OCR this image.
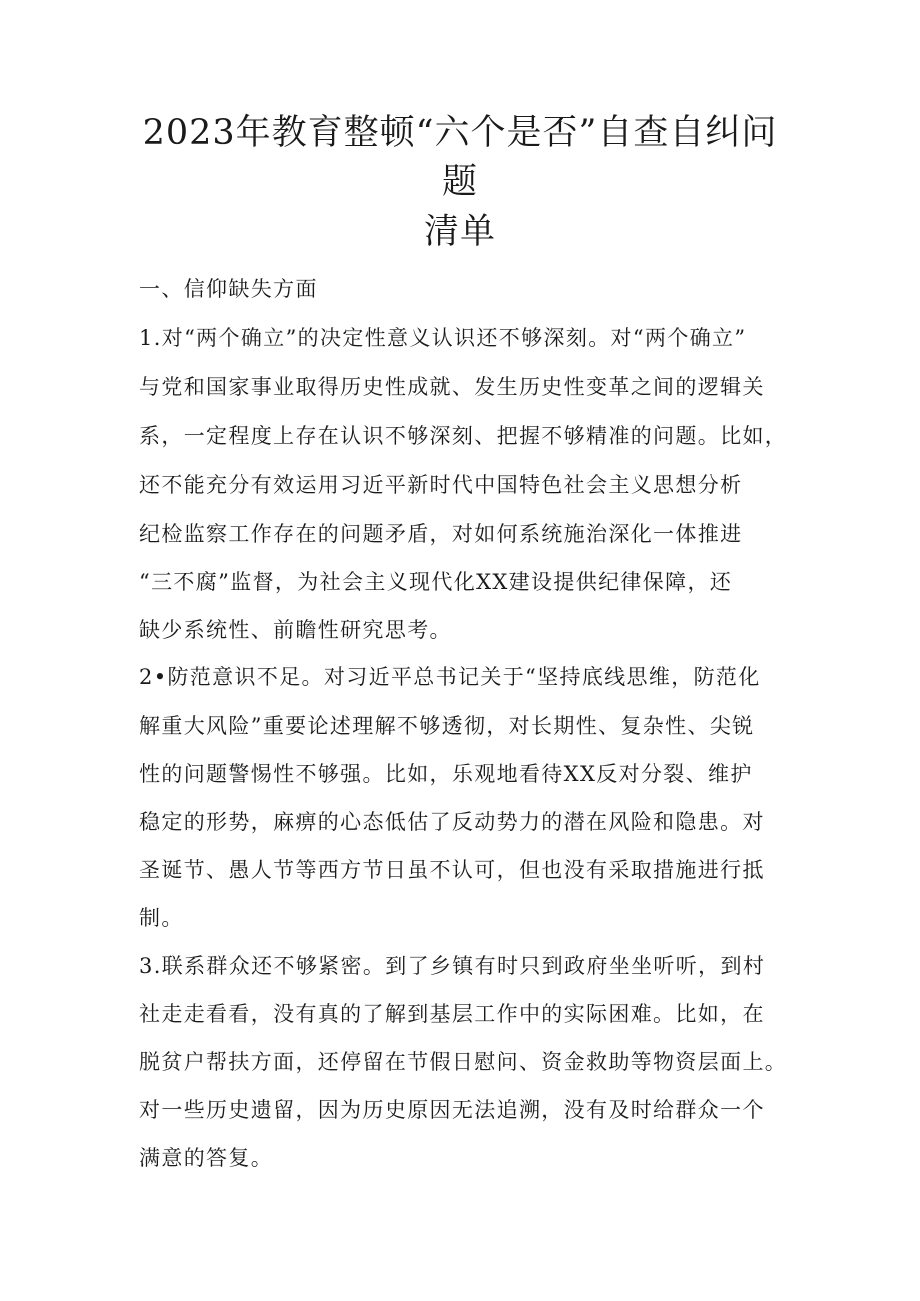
2023年教育整顿“六个是否”自查自纠问
题
清单
一、信仰缺失方面
1.对“两个确立”的决定性意义认识还不够深刻。对“两个确立”
与党和国家事业取得历史性成就、发生历史性变革之间的逻辑关
系，一定程度上存在认识不够深刻、把握不够精准的问题。比如，
还不能充分有效运用习近平新时代中国特色社会主义思想分析
纪检监察工作存在的问题矛盾，对如何系统施治深化一体推进
“三不腐”监督，为社会主义现代化XX建设提供纪律保障，还
缺少系统性、前瞻性研究思考。
2•防范意识不足。对习近平总书记关于“坚持底线思维，防范化
解重大风险”重要论述理解不够透彻，对长期性、复杂性、尖锐
性的问题警惕性不够强。比如，乐观地看待XX反对分裂、维护
稳定的形势，麻痹的心态低估了反动势力的潜在风险和隐患。对
圣诞节、愚人节等西方节日虽不认可，但也没有采取措施进行抵
制。
3.联系群众还不够紧密。到了乡镇有时只到政府坐坐听听，到村
社走走看看，没有真的了解到基层工作中的实际困难。比如，在
脱贫户帮扶方面，还停留在节假日慰问、资金救助等物资层面上。
对一些历史遗留，因为历史原因无法追溯，没有及时给群众一个
满意的答复。
